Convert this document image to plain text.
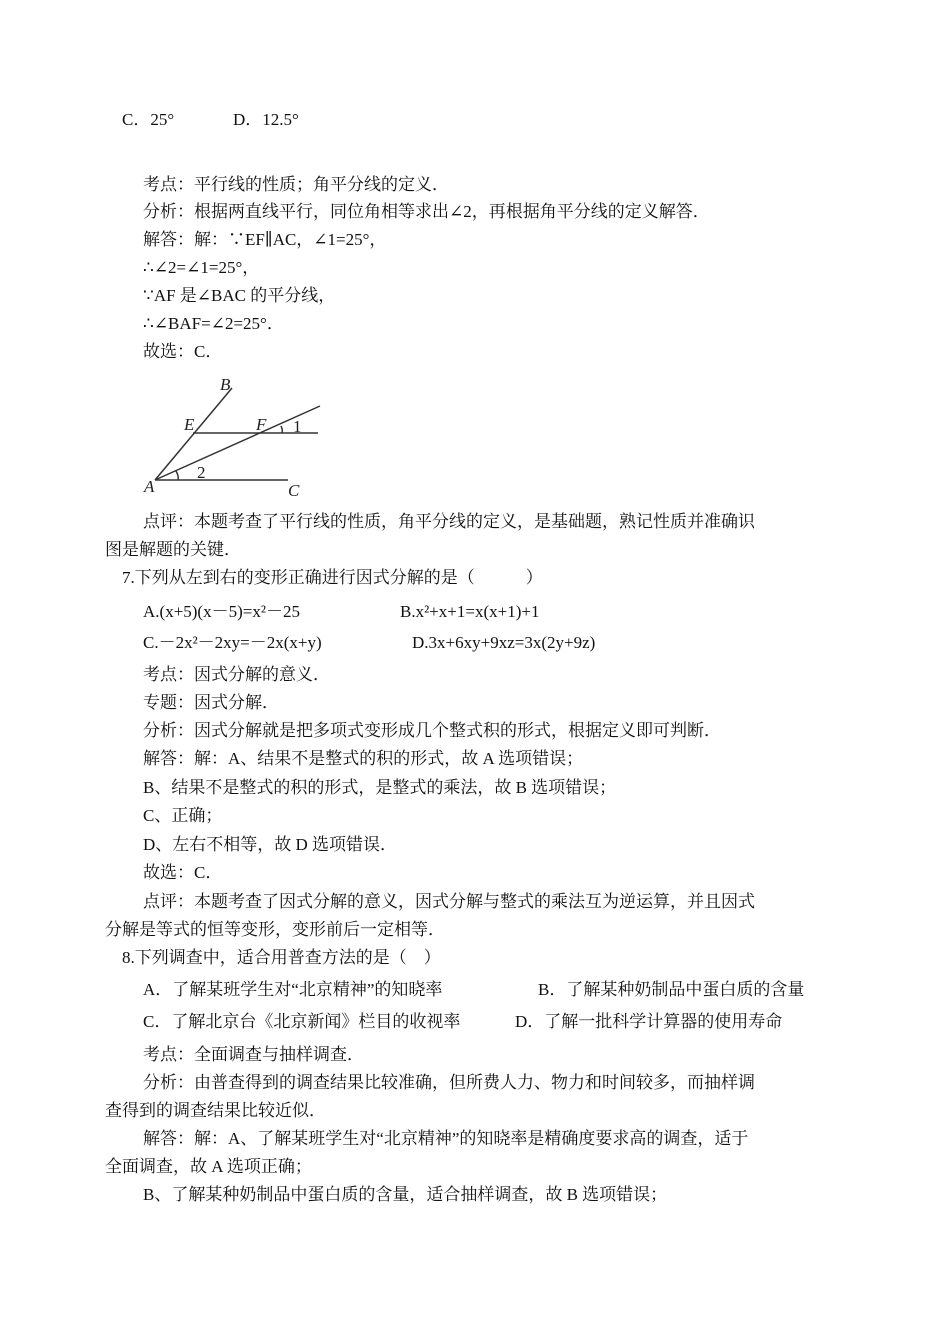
C．25°	D．12.5°
考点：平行线的性质；角平分线的定义．
分析：根据两直线平行，同位角相等求出∠2，再根据角平分线的定义解答．
解答：解：∵EF∥AC，∠1=25°，
∴∠2=∠1=25°，
∵AF 是∠BAC 的平分线，
∴∠BAF=∠2=25°．
故选：C．
A
B
C
E	F 1
2
点评：本题考查了平行线的性质，角平分线的定义，是基础题，熟记性质并准确识
图是解题的关键．
7.下列从左到右的变形正确进行因式分解的是（　　　）
A.(x+5)(x－5)=x²－25	B.x²+x+1=x(x+1)+1
C.－2x²－2xy=－2x(x+y)	D.3x+6xy+9xz=3x(2y+9z)
考点：因式分解的意义．
专题：因式分解．
分析：因式分解就是把多项式变形成几个整式积的形式，根据定义即可判断．
解答：解：A、结果不是整式的积的形式，故 A 选项错误；
B、结果不是整式的积的形式，是整式的乘法，故 B 选项错误；
C、正确；
D、左右不相等，故 D 选项错误．
故选：C．
点评：本题考查了因式分解的意义，因式分解与整式的乘法互为逆运算，并且因式
分解是等式的恒等变形，变形前后一定相等．
8.下列调查中，适合用普查方法的是（　）
A．了解某班学生对“北京精神”的知晓率	B．了解某种奶制品中蛋白质的含量
C．了解北京台《北京新闻》栏目的收视率	D．了解一批科学计算器的使用寿命
考点：全面调查与抽样调查．
分析：由普查得到的调查结果比较准确，但所费人力、物力和时间较多，而抽样调
查得到的调查结果比较近似．
解答：解：A、了解某班学生对“北京精神”的知晓率是精确度要求高的调查，适于
全面调查，故 A 选项正确；
B、了解某种奶制品中蛋白质的含量，适合抽样调查，故 B 选项错误；
